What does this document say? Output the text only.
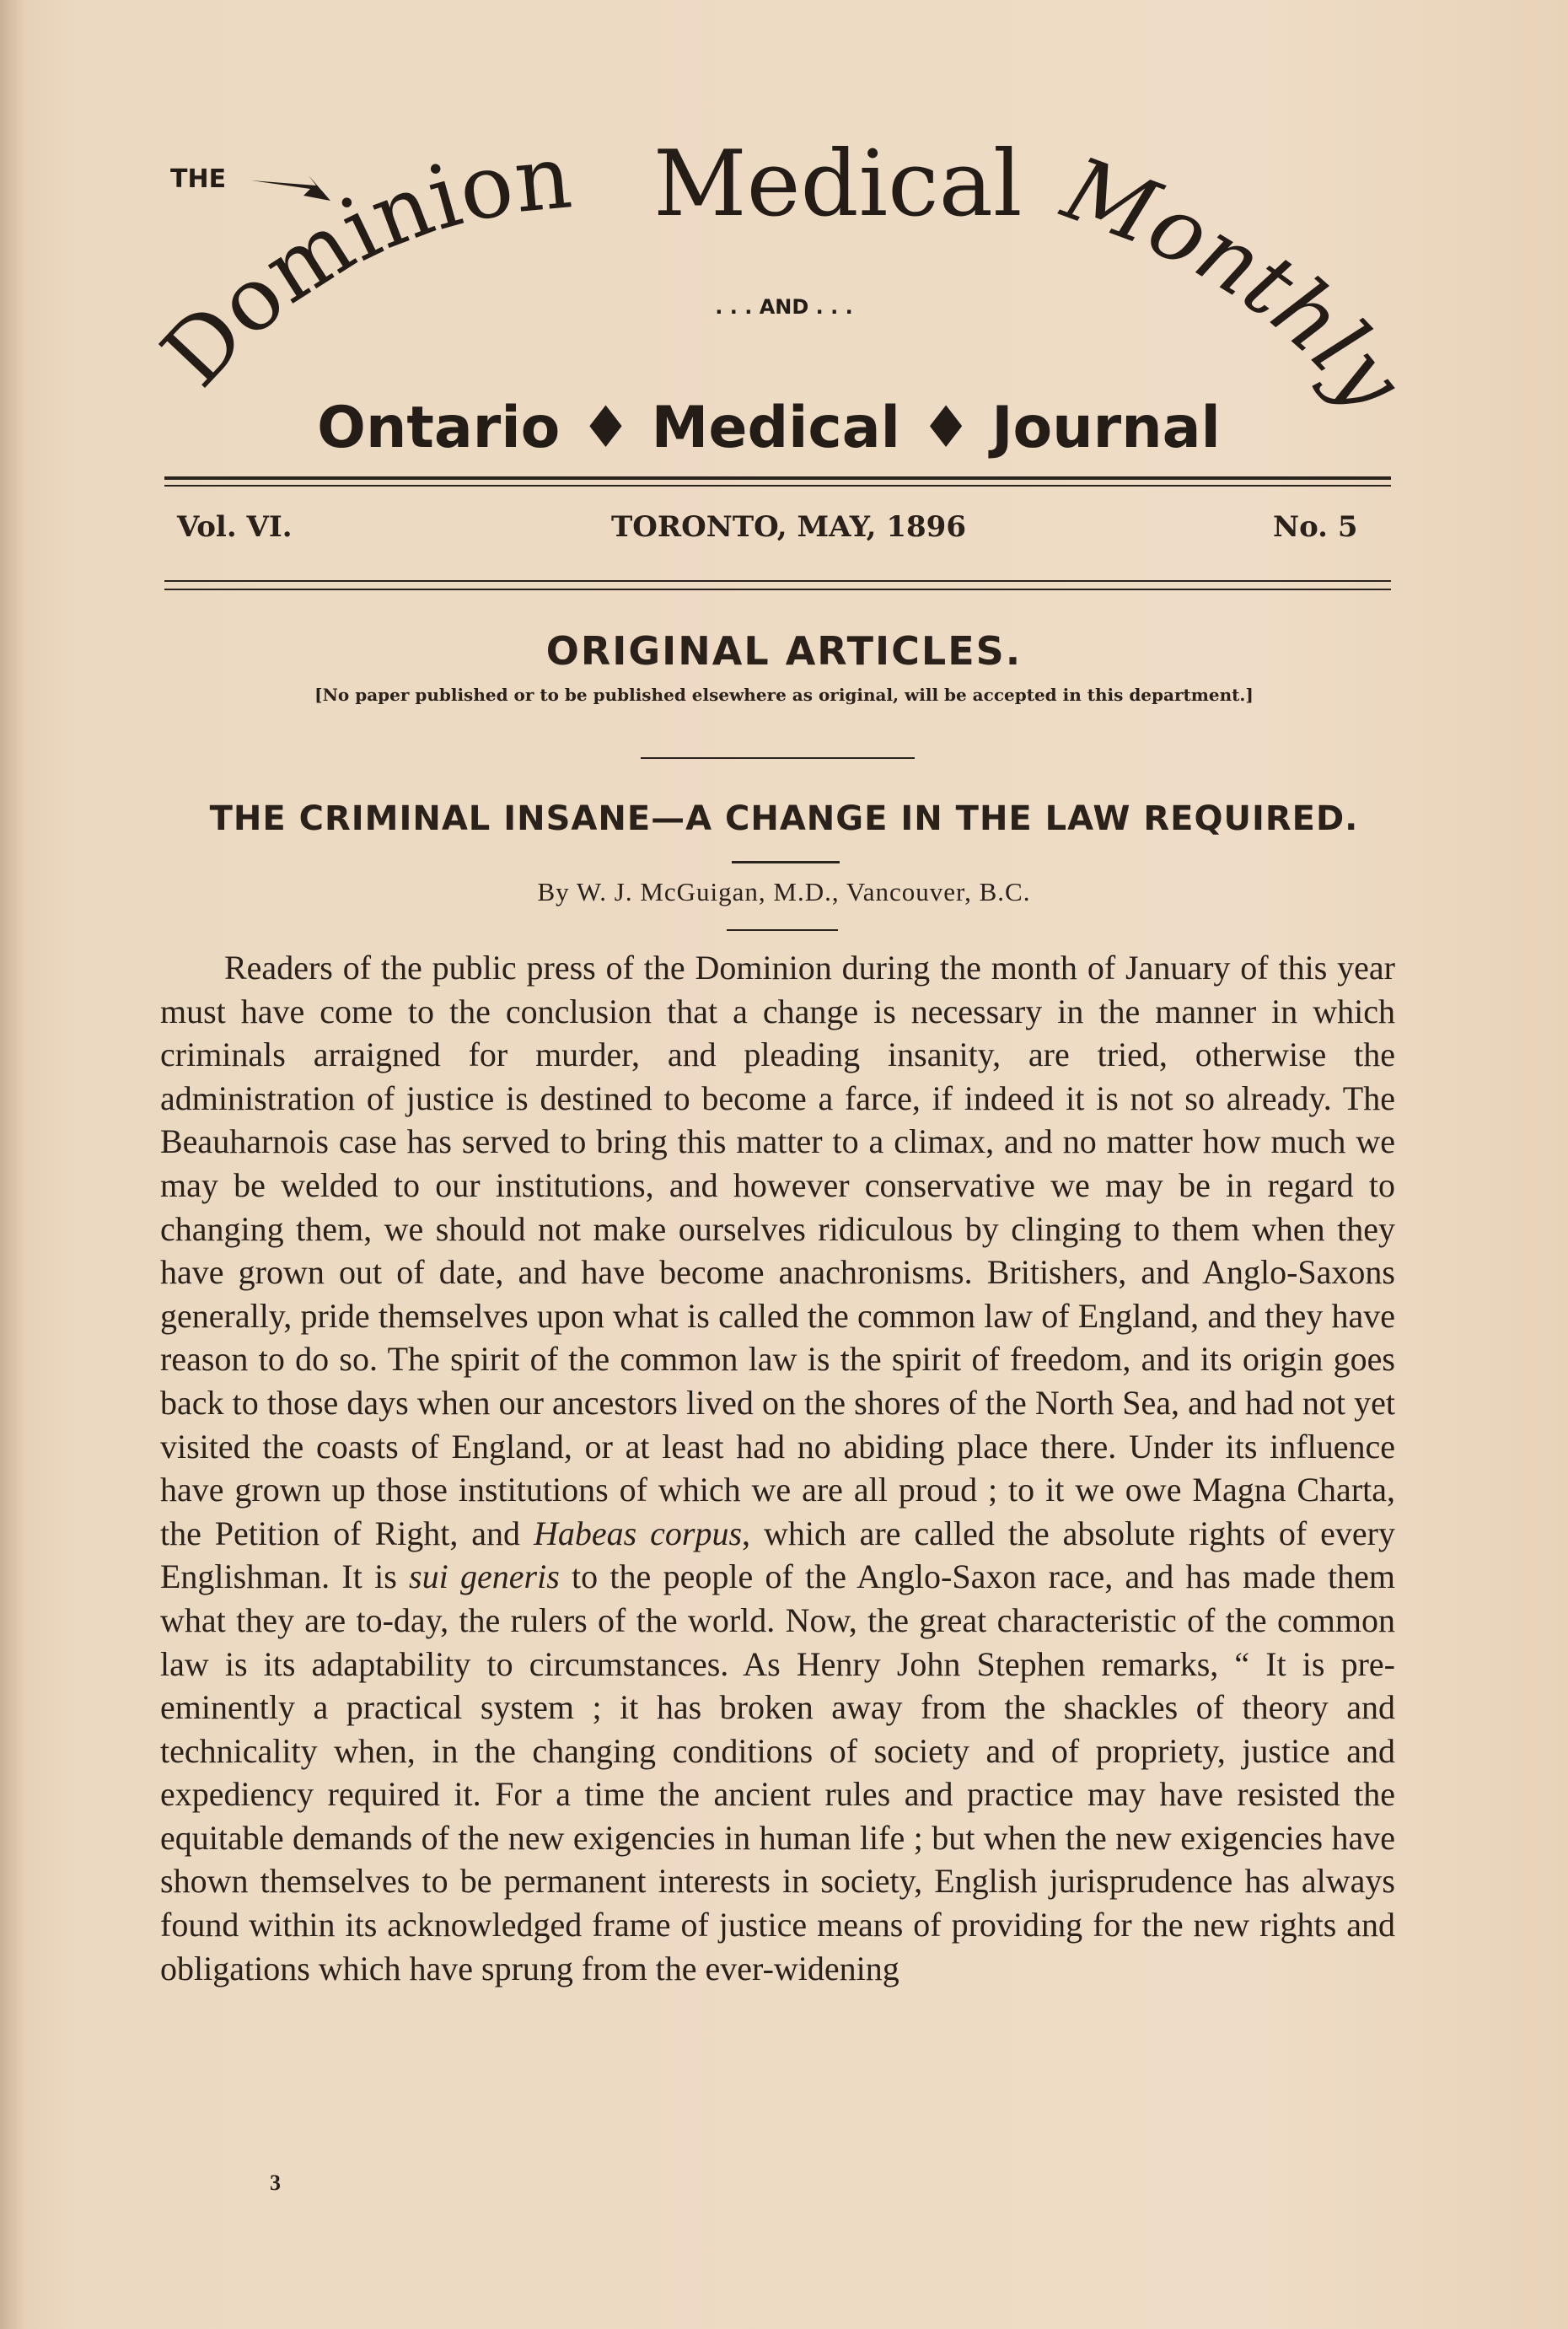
THE
Dominion Medical Monthly
. . . AND . . .
Ontario ♦ Medical ♦ Journal
Vol. VI.	TORONTO, MAY, 1896	No. 5
ORIGINAL ARTICLES.
[No paper published or to be published elsewhere as original, will be accepted in this department.]
THE CRIMINAL INSANE—A CHANGE IN THE LAW REQUIRED.
By W. J. McGuigan, M.D., Vancouver, B.C.

Readers of the public press of the Dominion during the month of January of this year must have come to the conclusion that a change is necessary in the manner in which criminals arraigned for murder, and pleading insanity, are tried, otherwise the administration of justice is destined to become a farce, if indeed it is not so already. The Beauharnois case has served to bring this matter to a climax, and no matter how much we may be welded to our institutions, and however conservative we may be in regard to changing them, we should not make ourselves ridiculous by clinging to them when they have grown out of date, and have become anachronisms. Britishers, and Anglo-Saxons generally, pride themselves upon what is called the common law of England, and they have reason to do so. The spirit of the common law is the spirit of freedom, and its origin goes back to those days when our ancestors lived on the shores of the North Sea, and had not yet visited the coasts of England, or at least had no abiding place there. Under its influence have grown up those institutions of which we are all proud ; to it we owe Magna Charta, the Petition of Right, and Habeas corpus, which are called the absolute rights of every Englishman. It is sui generis to the people of the Anglo-Saxon race, and has made them what they are to-day, the rulers of the world. Now, the great characteristic of the common law is its adaptability to circumstances. As Henry John Stephen remarks, “ It is pre-eminently a practical system ; it has broken away from the shackles of theory and technicality when, in the changing conditions of society and of propriety, justice and expediency required it. For a time the ancient rules and practice may have resisted the equitable demands of the new exigencies in human life ; but when the new exigencies have shown themselves to be permanent interests in society, English jurisprudence has always found within its acknowledged frame of justice means of providing for the new rights and obligations which have sprung from the ever-widening

3
